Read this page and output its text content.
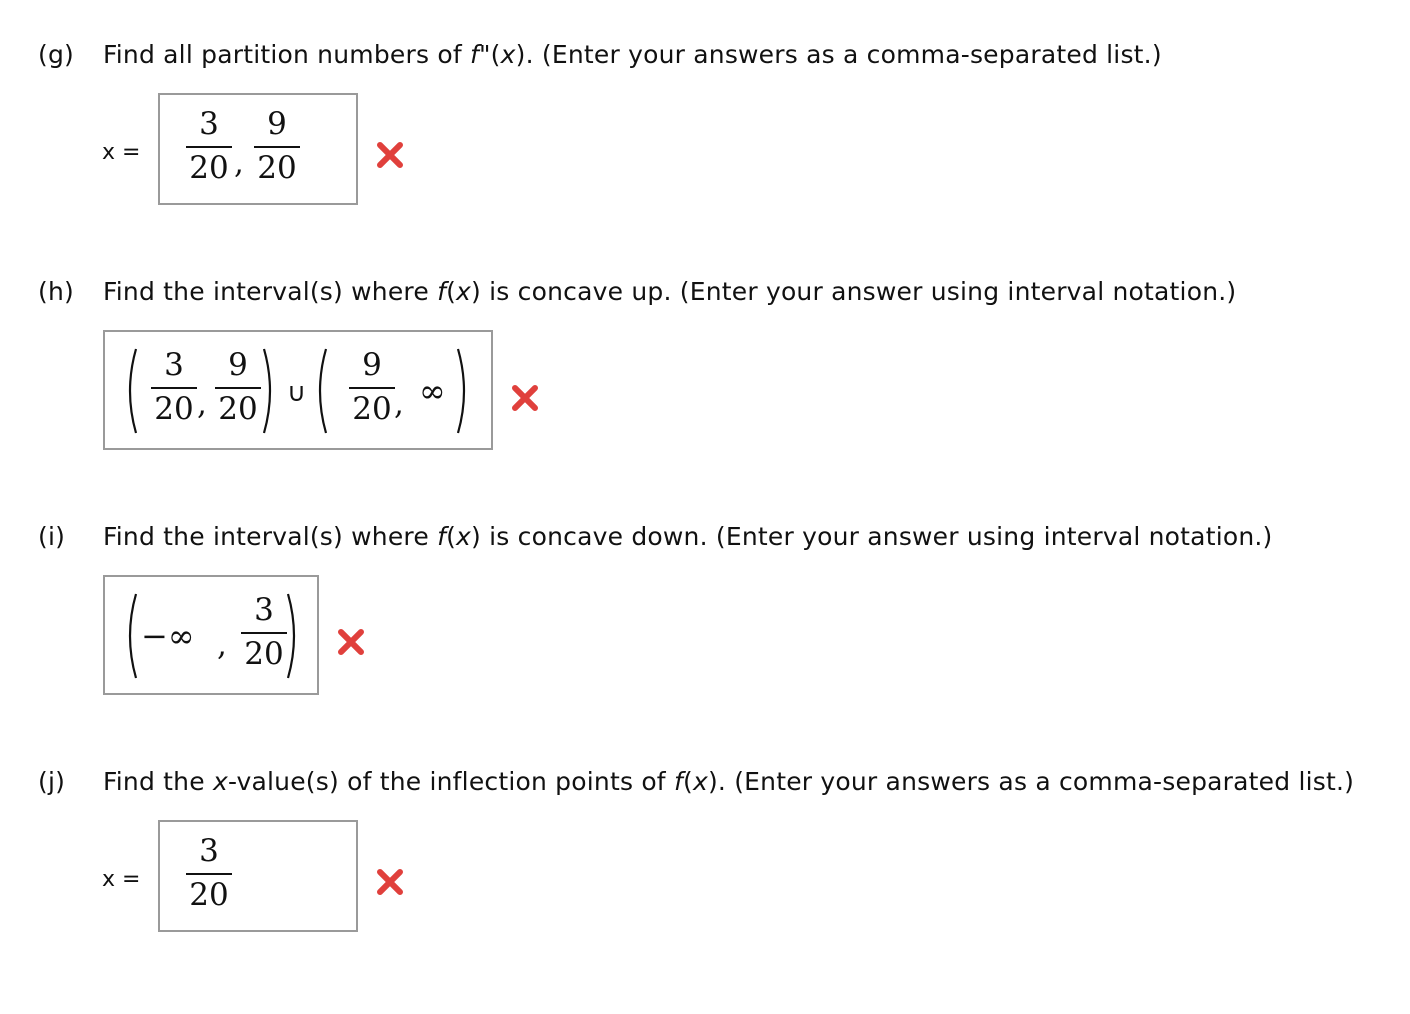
(g) Find all partition numbers of f"(x). (Enter your answers as a comma-separated list.)
x =
3
20 ,
9
20
(h) Find the interval(s) where f(x) is concave up. (Enter your answer using interval notation.)
3
20 ,
9
20 ∪
9
20 , ∞
(i) Find the interval(s) where f(x) is concave down. (Enter your answer using interval notation.)
−∞ ,
3
20
(j) Find the x-value(s) of the inflection points of f(x). (Enter your answers as a comma-separated list.)
x =
3
20
